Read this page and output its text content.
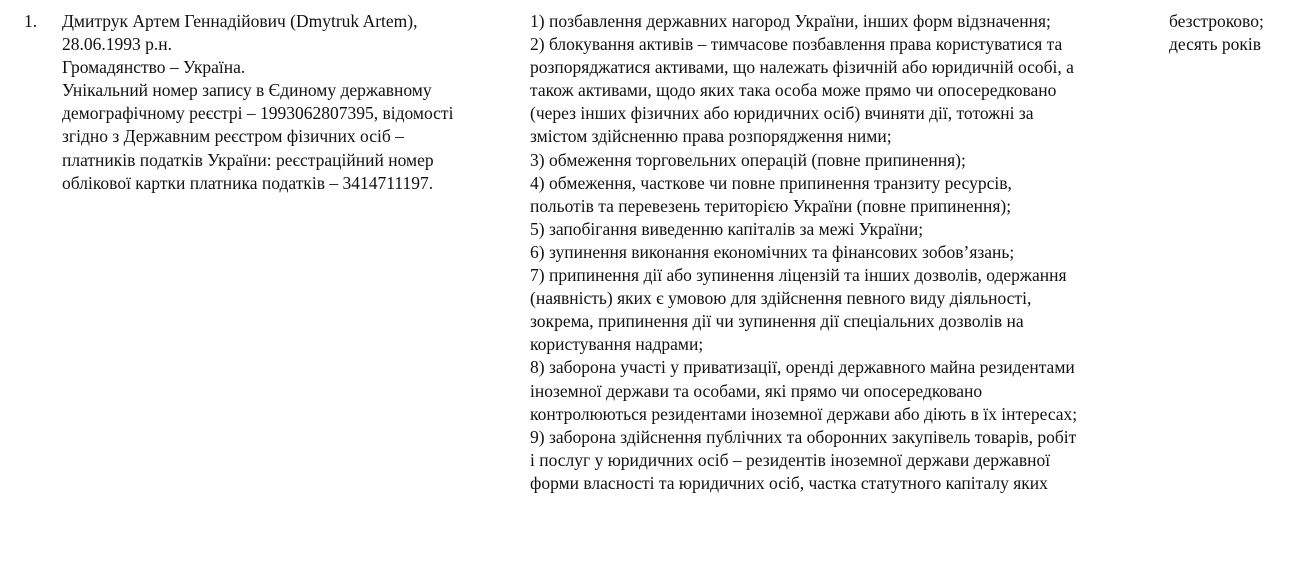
1.	Дмитрук Артем Геннадійович (Dmytruk Artem),
28.06.1993 р.н.
Громадянство – Україна.
Унікальний номер запису в Єдиному державному
демографічному реєстрі – 1993062807395, відомості
згідно з Державним реєстром фізичних осіб –
платників податків України: реєстраційний номер
облікової картки платника податків – 3414711197.
1) позбавлення державних нагород України, інших форм відзначення;
2) блокування активів – тимчасове позбавлення права користуватися та
розпоряджатися активами, що належать фізичній або юридичній особі, а
також активами, щодо яких така особа може прямо чи опосередковано
(через інших фізичних або юридичних осіб) вчиняти дії, тотожні за
змістом здійсненню права розпорядження ними;
3) обмеження торговельних операцій (повне припинення);
4) обмеження, часткове чи повне припинення транзиту ресурсів,
польотів та перевезень територією України (повне припинення);
5) запобігання виведенню капіталів за межі України;
6) зупинення виконання економічних та фінансових зобов’язань;
7) припинення дії або зупинення ліцензій та інших дозволів, одержання
(наявність) яких є умовою для здійснення певного виду діяльності,
зокрема, припинення дії чи зупинення дії спеціальних дозволів на
користування надрами;
8) заборона участі у приватизації, оренді державного майна резидентами
іноземної держави та особами, які прямо чи опосередковано
контролюються резидентами іноземної держави або діють в їх інтересах;
9) заборона здійснення публічних та оборонних закупівель товарів, робіт
і послуг у юридичних осіб – резидентів іноземної держави державної
форми власності та юридичних осіб, частка статутного капіталу яких
безстроково;
десять років
